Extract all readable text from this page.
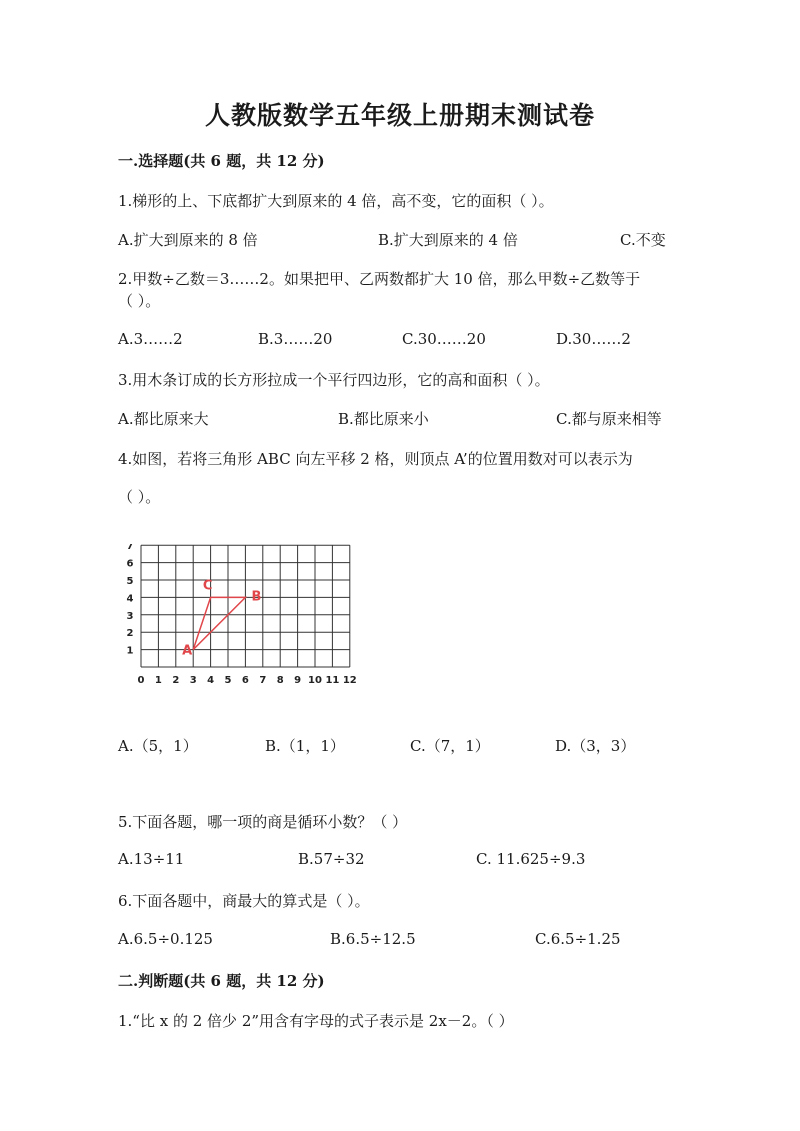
人教版数学五年级上册期末测试卷
一.选择题(共 6 题，共 12 分)
1.梯形的上、下底都扩大到原来的 4 倍，高不变，它的面积（ ）。
A.扩大到原来的 8 倍	B.扩大到原来的 4 倍	C.不变
2.甲数÷乙数＝3……2。如果把甲、乙两数都扩大 10 倍，那么甲数÷乙数等于
（ ）。
A.3……2	B.3……20	C.30……20	D.30……2
3.用木条订成的长方形拉成一个平行四边形，它的高和面积（ ）。
A.都比原来大	B.都比原来小	C.都与原来相等
4.如图，若将三角形 ABC 向左平移 2 格，则顶点 A’的位置用数对可以表示为
（ ）。
0 1 2 3 4 5 6 7 8 9 10 11 12
1
2
3
4
5
6
7
A
B
C
A.（5，1）	B.（1，1）	C.（7，1）	D.（3，3）
5.下面各题，哪一项的商是循环小数？（ ）
A.13÷11	B.57÷32	C. 11.625÷9.3
6.下面各题中，商最大的算式是（ ）。
A.6.5÷0.125	B.6.5÷12.5	C.6.5÷1.25
二.判断题(共 6 题，共 12 分)
1.“比 x 的 2 倍少 2”用含有字母的式子表示是 2x－2。（ ）
